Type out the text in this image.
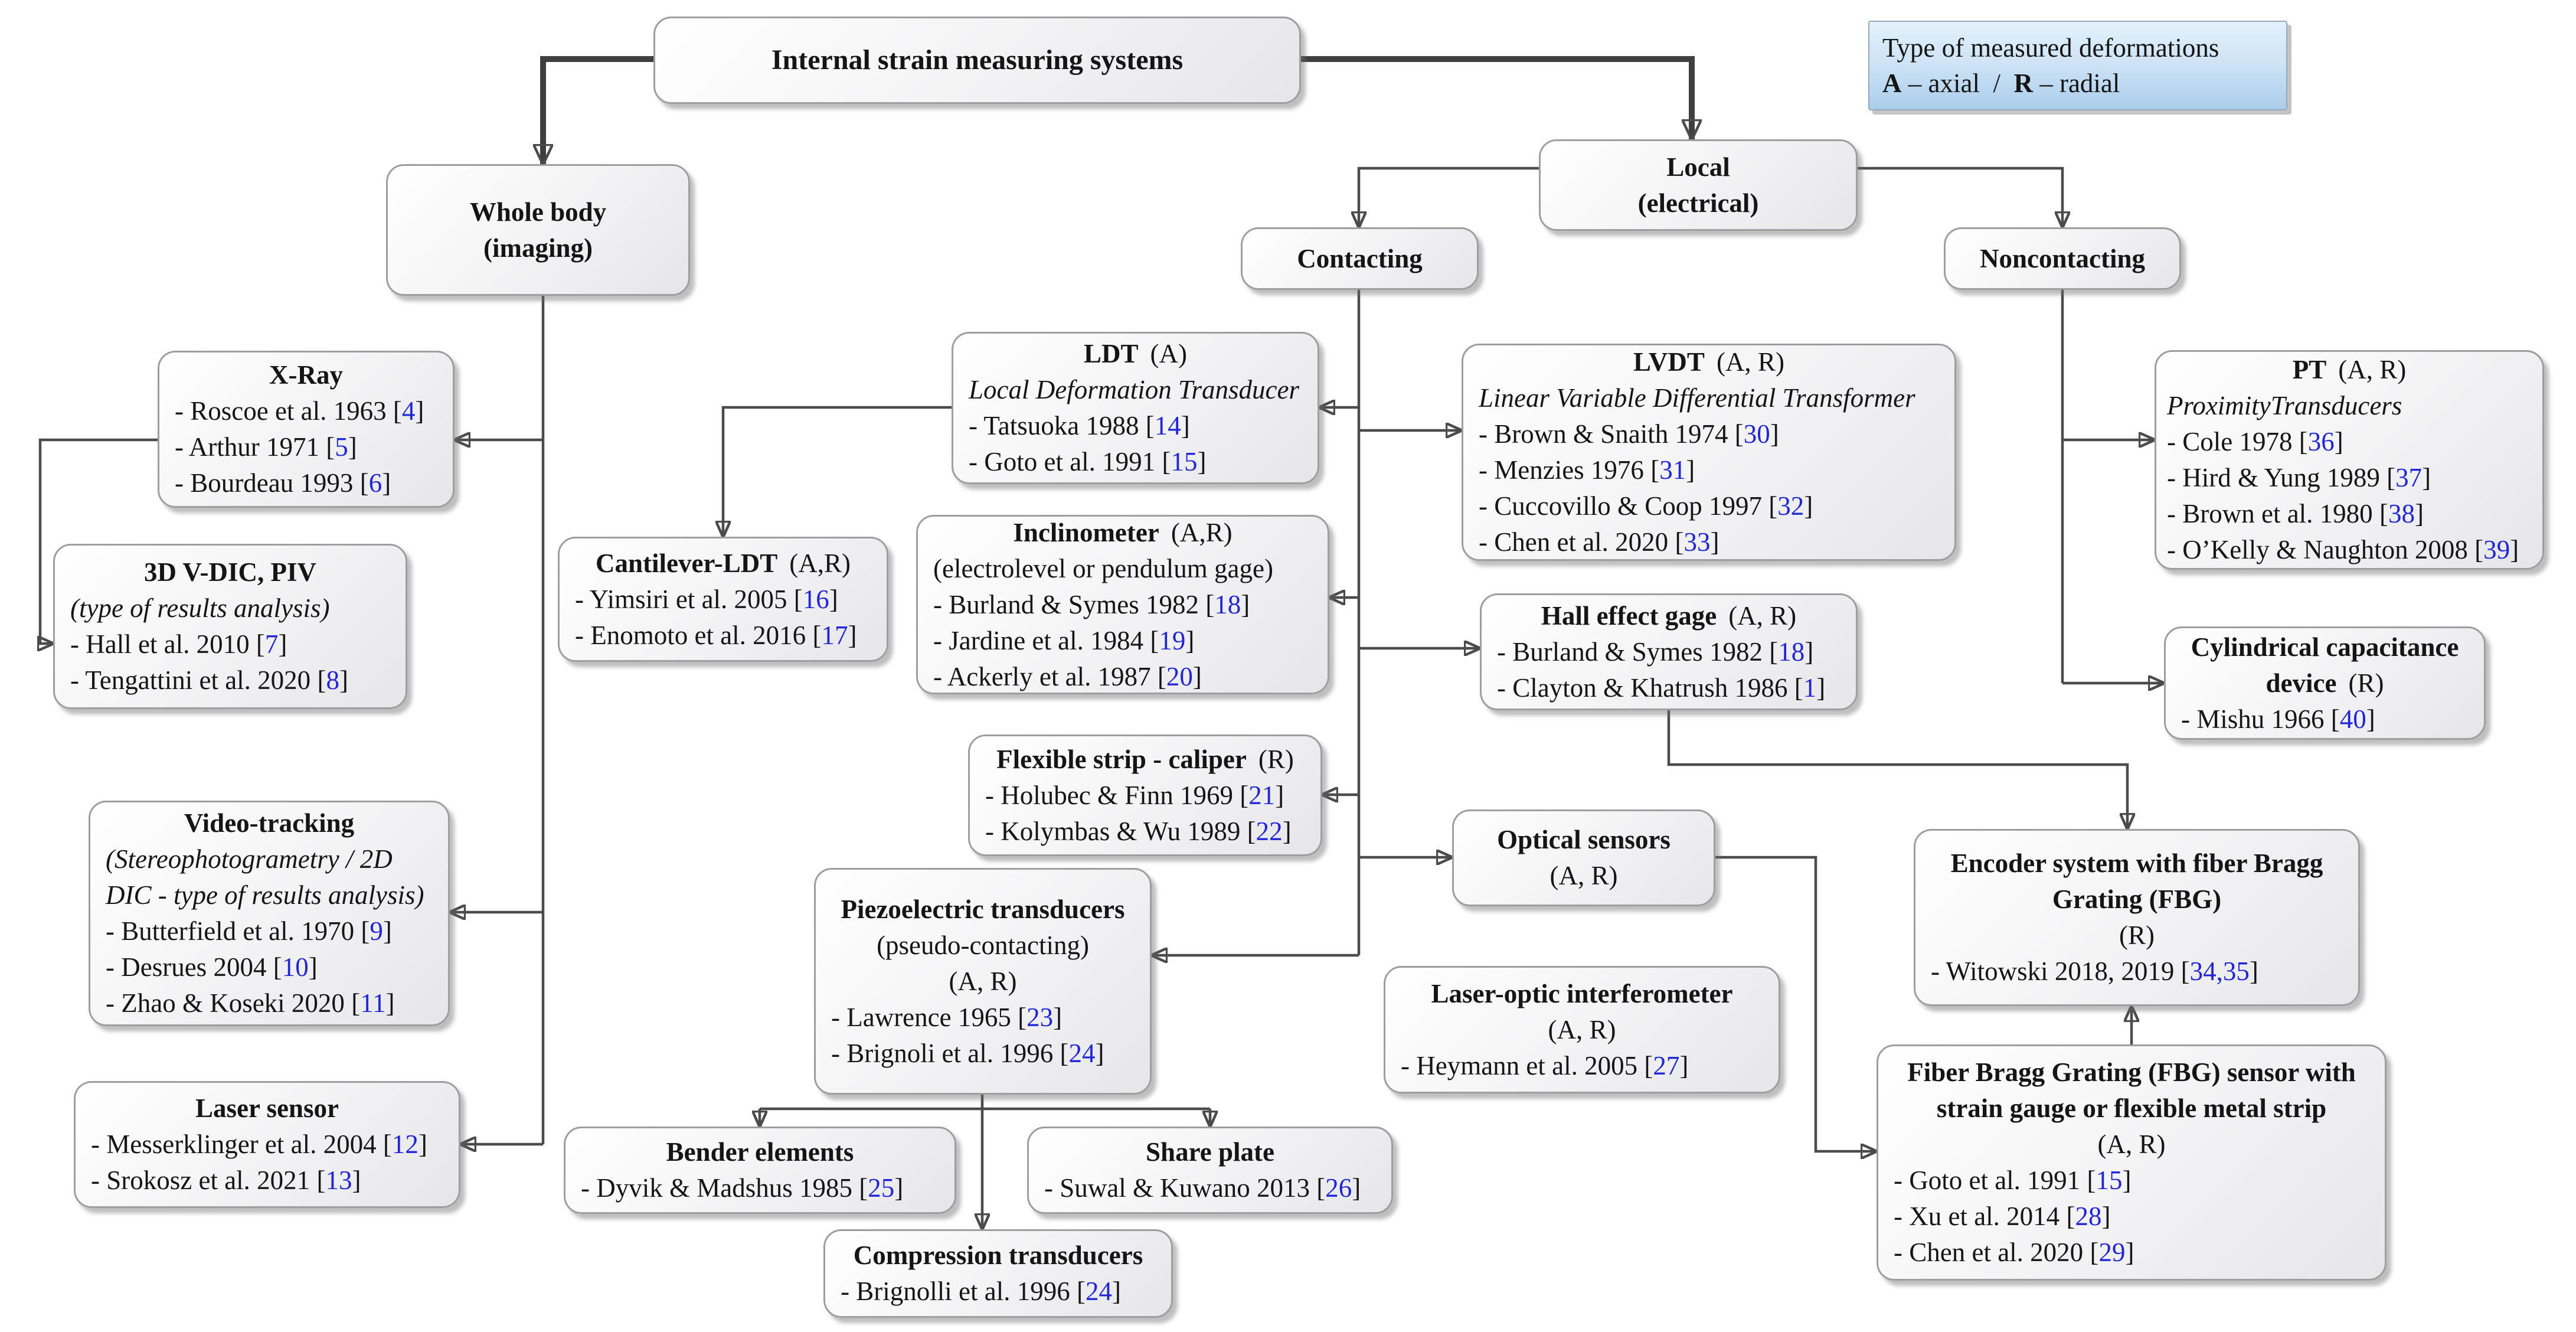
Internal strain measuring systems	Type of measured deformations
A – axial  /  R – radial
Whole body
(imaging)
Local
(electrical)
Contacting	Noncontacting
X-Ray
- Roscoe et al. 1963 [4]
- Arthur 1971 [5]
- Bourdeau 1993 [6]
3D V-DIC, PIV
(type of results analysis)
- Hall et al. 2010 [7]
- Tengattini et al. 2020 [8]
Video-tracking
(Stereophotogrametry / 2D
DIC - type of results analysis)
- Butterfield et al. 1970 [9]
- Desrues 2004 [10]
- Zhao & Koseki 2020 [11]
Laser sensor
- Messerklinger et al. 2004 [12]
- Srokosz et al. 2021 [13]
LDT (A)
Local Deformation Transducer
- Tatsuoka 1988 [14]
- Goto et al. 1991 [15]
Cantilever-LDT (A,R)
- Yimsiri et al. 2005 [16]
- Enomoto et al. 2016 [17]
Inclinometer (A,R)
(electrolevel or pendulum gage)
- Burland & Symes 1982 [18]
- Jardine et al. 1984 [19]
- Ackerly et al. 1987 [20]
Flexible strip - caliper (R)
- Holubec & Finn 1969 [21]
- Kolymbas & Wu 1989 [22]
LVDT (A, R)
Linear Variable Differential Transformer
- Brown & Snaith 1974 [30]
- Menzies 1976 [31]
- Cuccovillo & Coop 1997 [32]
- Chen et al. 2020 [33]
Hall effect gage (A, R)
- Burland & Symes 1982 [18]
- Clayton & Khatrush 1986 [1]
PT (A, R)
ProximityTransducers
- Cole 1978 [36]
- Hird & Yung 1989 [37]
- Brown et al. 1980 [38]
- O’Kelly & Naughton 2008 [39]
Cylindrical capacitance
device (R)
- Mishu 1966 [40]
Optical sensors
(A, R)
Laser-optic interferometer
(A, R)
- Heymann et al. 2005 [27]
Encoder system with fiber Bragg
Grating (FBG)
(R)
- Witowski 2018, 2019 [34,35]
Fiber Bragg Grating (FBG) sensor with
strain gauge or flexible metal strip
(A, R)
- Goto et al. 1991 [15]
- Xu et al. 2014 [28]
- Chen et al. 2020 [29]
Piezoelectric transducers
(pseudo-contacting)
(A, R)
- Lawrence 1965 [23]
- Brignoli et al. 1996 [24]
Bender elements
- Dyvik & Madshus 1985 [25]
Share plate
- Suwal & Kuwano 2013 [26]
Compression transducers
- Brignolli et al. 1996 [24]
